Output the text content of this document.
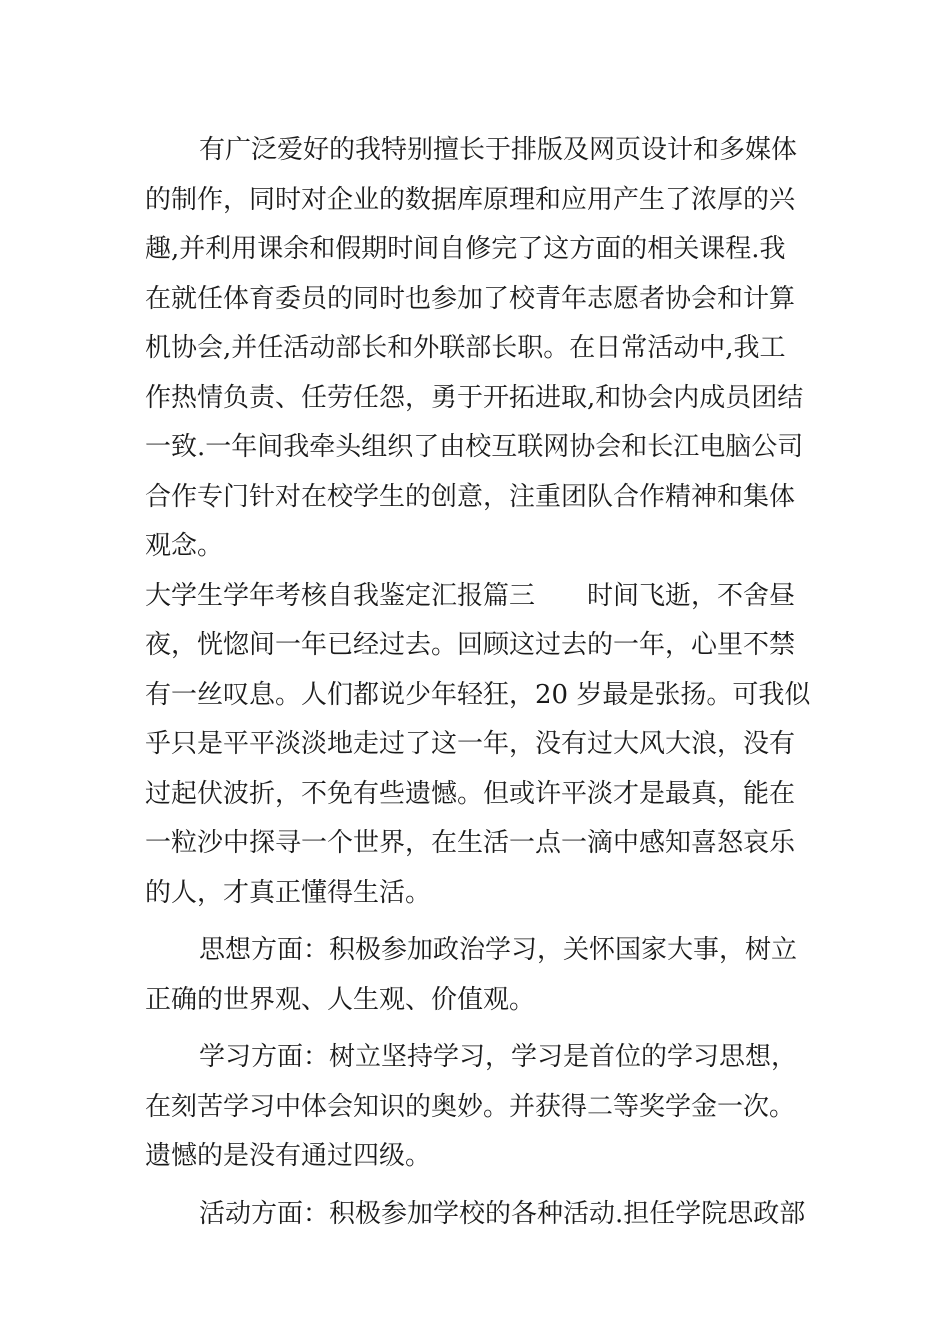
有广泛爱好的我特别擅长于排版及网页设计和多媒体
的制作，同时对企业的数据库原理和应用产生了浓厚的兴
趣,并利用课余和假期时间自修完了这方面的相关课程.我
在就任体育委员的同时也参加了校青年志愿者协会和计算
机协会,并任活动部长和外联部长职。在日常活动中,我工
作热情负责、任劳任怨，勇于开拓进取,和协会内成员团结
一致.一年间我牵头组织了由校互联网协会和长江电脑公司
合作专门针对在校学生的创意，注重团队合作精神和集体
观念。
大学生学年考核自我鉴定汇报篇三　　时间飞逝，不舍昼
夜，恍惚间一年已经过去。回顾这过去的一年，心里不禁
有一丝叹息。人们都说少年轻狂，20 岁最是张扬。可我似
乎只是平平淡淡地走过了这一年，没有过大风大浪，没有
过起伏波折，不免有些遗憾。但或许平淡才是最真，能在
一粒沙中探寻一个世界，在生活一点一滴中感知喜怒哀乐
的人，才真正懂得生活。
思想方面：积极参加政治学习，关怀国家大事，树立
正确的世界观、人生观、价值观。
学习方面：树立坚持学习，学习是首位的学习思想，
在刻苦学习中体会知识的奥妙。并获得二等奖学金一次。
遗憾的是没有通过四级。
活动方面：积极参加学校的各种活动.担任学院思政部
